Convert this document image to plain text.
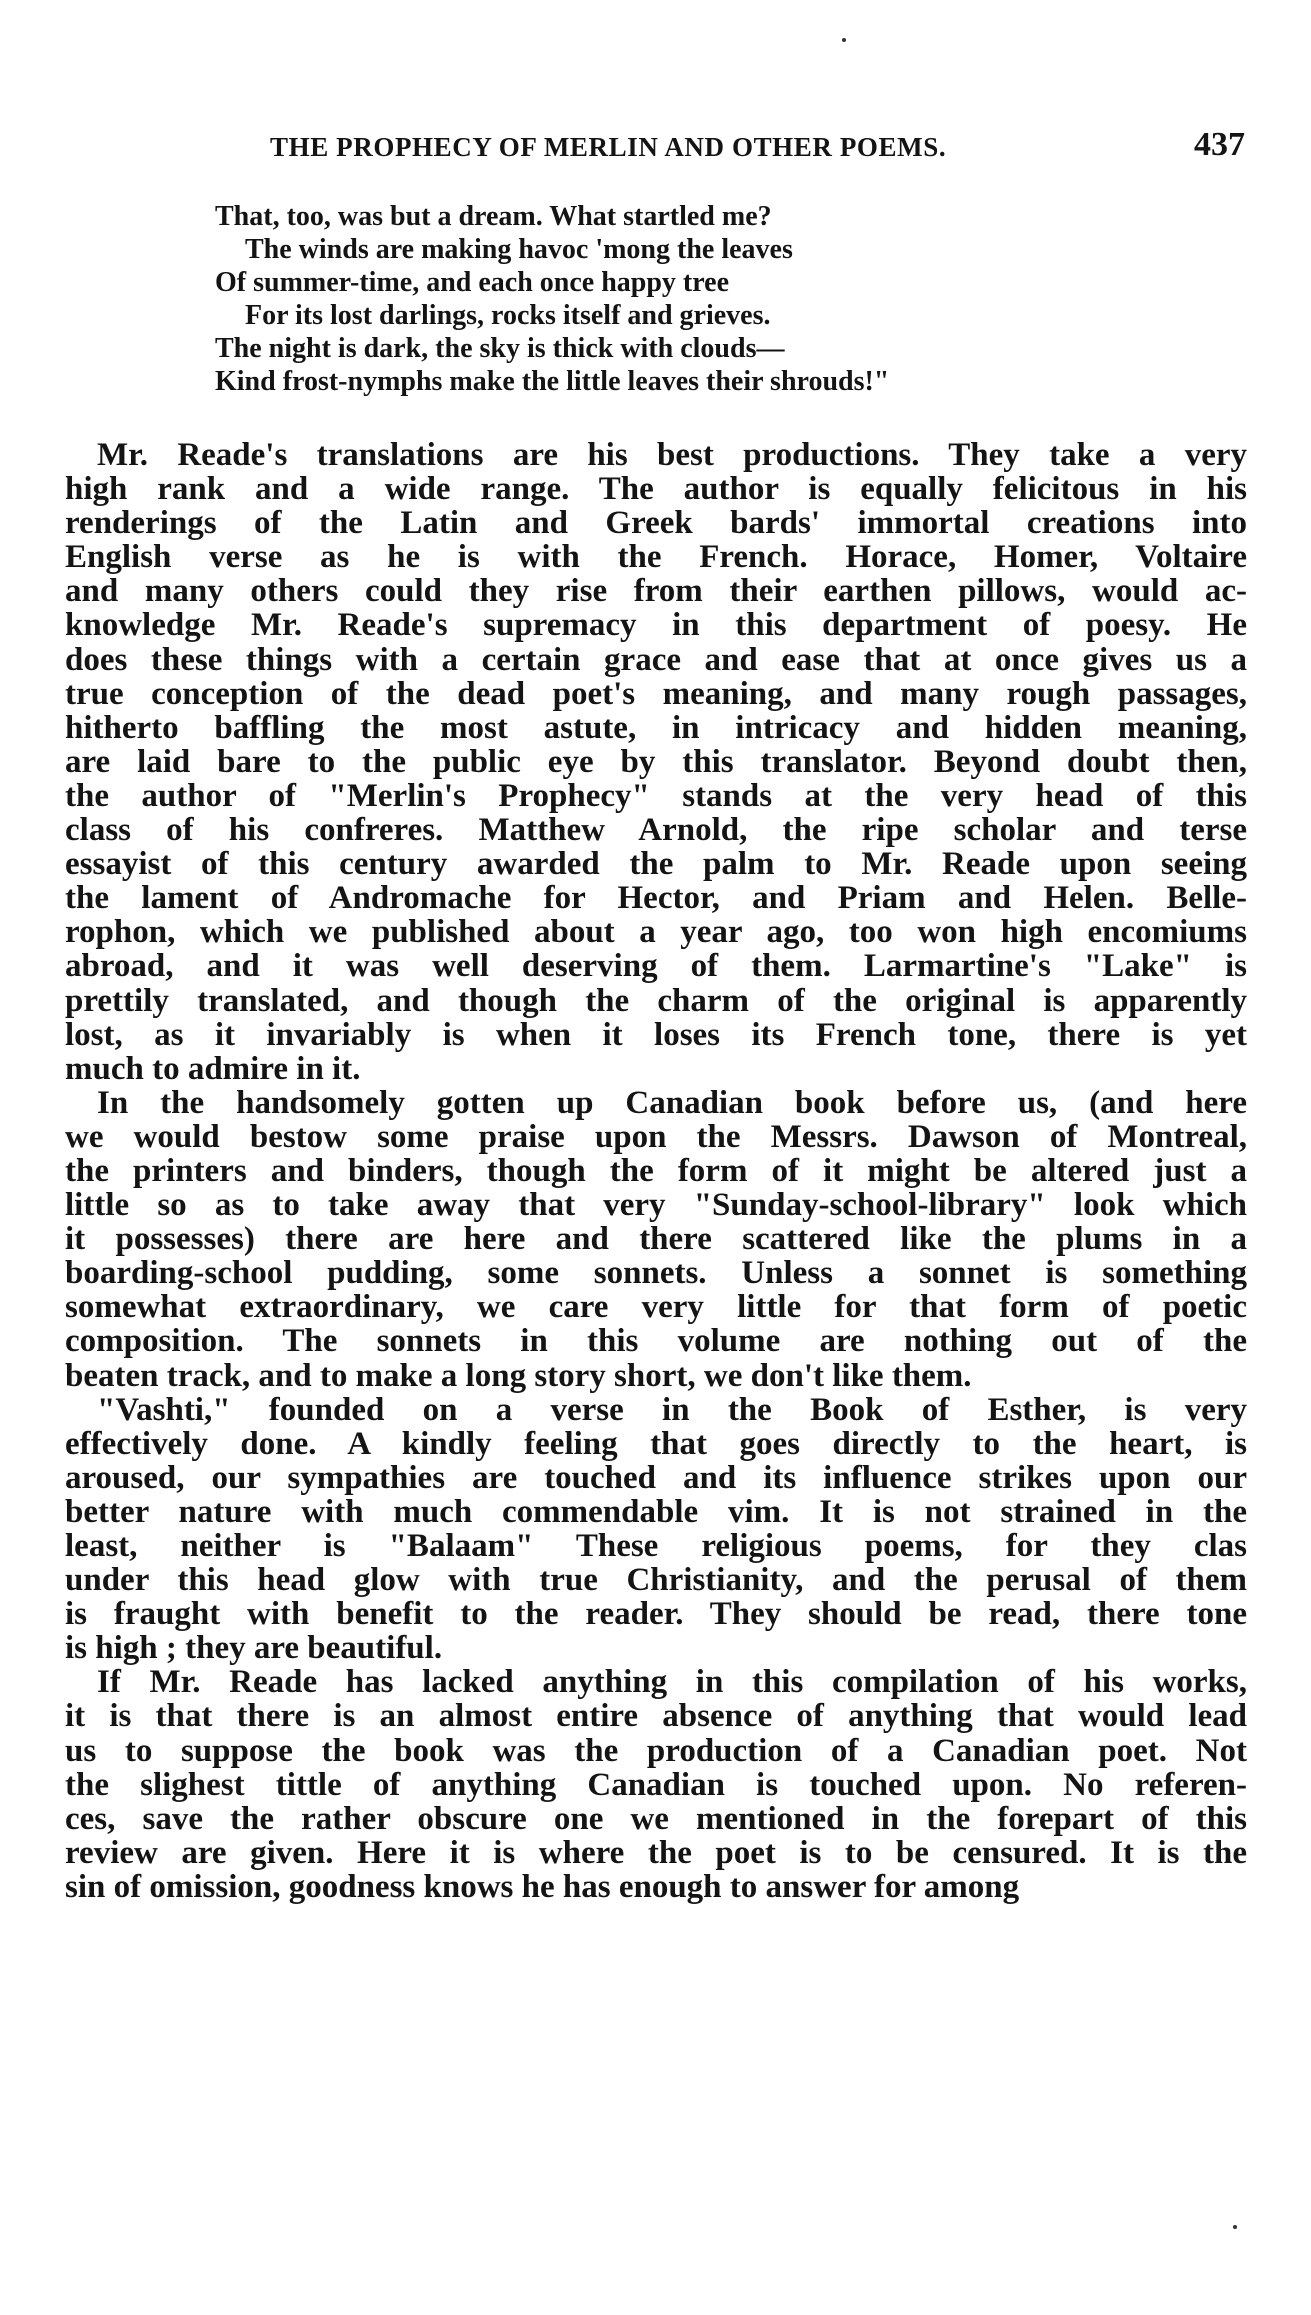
THE PROPHECY OF MERLIN AND OTHER POEMS.	437
That, too, was but a dream. What startled me?
The winds are making havoc 'mong the leaves
Of summer-time, and each once happy tree
For its lost darlings, rocks itself and grieves.
The night is dark, the sky is thick with clouds—
Kind frost-nymphs make the little leaves their shrouds!"
Mr. Reade's translations are his best productions. They take a very
high rank and a wide range. The author is equally felicitous in his
renderings of the Latin and Greek bards' immortal creations into
English verse as he is with the French. Horace, Homer, Voltaire
and many others could they rise from their earthen pillows, would ac-
knowledge Mr. Reade's supremacy in this department of poesy. He
does these things with a certain grace and ease that at once gives us a
true conception of the dead poet's meaning, and many rough passages,
hitherto baffling the most astute, in intricacy and hidden meaning,
are laid bare to the public eye by this translator. Beyond doubt then,
the author of "Merlin's Prophecy" stands at the very head of this
class of his confreres. Matthew Arnold, the ripe scholar and terse
essayist of this century awarded the palm to Mr. Reade upon seeing
the lament of Andromache for Hector, and Priam and Helen. Belle-
rophon, which we published about a year ago, too won high encomiums
abroad, and it was well deserving of them. Larmartine's "Lake" is
prettily translated, and though the charm of the original is apparently
lost, as it invariably is when it loses its French tone, there is yet
much to admire in it.
In the handsomely gotten up Canadian book before us, (and here
we would bestow some praise upon the Messrs. Dawson of Montreal,
the printers and binders, though the form of it might be altered just a
little so as to take away that very "Sunday-school-library" look which
it possesses) there are here and there scattered like the plums in a
boarding-school pudding, some sonnets. Unless a sonnet is something
somewhat extraordinary, we care very little for that form of poetic
composition. The sonnets in this volume are nothing out of the
beaten track, and to make a long story short, we don't like them.
"Vashti," founded on a verse in the Book of Esther, is very
effectively done. A kindly feeling that goes directly to the heart, is
aroused, our sympathies are touched and its influence strikes upon our
better nature with much commendable vim. It is not strained in the
least, neither is "Balaam" These religious poems, for they clas
under this head glow with true Christianity, and the perusal of them
is fraught with benefit to the reader. They should be read, there tone
is high ; they are beautiful.
If Mr. Reade has lacked anything in this compilation of his works,
it is that there is an almost entire absence of anything that would lead
us to suppose the book was the production of a Canadian poet. Not
the slighest tittle of anything Canadian is touched upon. No referen-
ces, save the rather obscure one we mentioned in the forepart of this
review are given. Here it is where the poet is to be censured. It is the
sin of omission, goodness knows he has enough to answer for among
